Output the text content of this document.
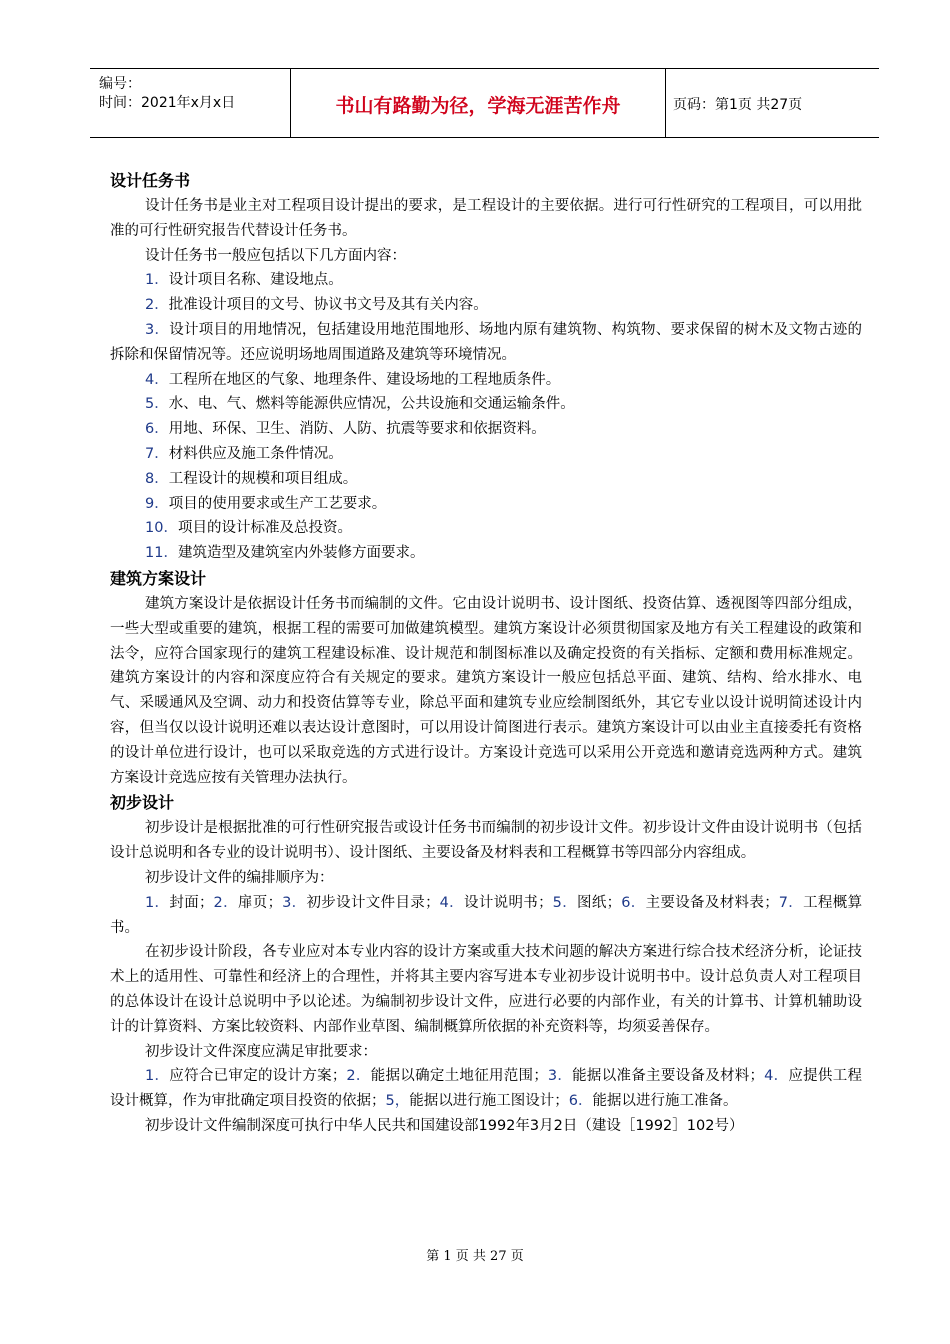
编号：
时间：2021年x月x日	书山有路勤为径，学海无涯苦作舟	页码：第1页 共27页
设计任务书

设计任务书是业主对工程项目设计提出的要求，是工程设计的主要依据。进行可行性研究的工程项目，可以用批准的可行性研究报告代替设计任务书。

设计任务书一般应包括以下几方面内容：

1．设计项目名称、建设地点。

2．批准设计项目的文号、协议书文号及其有关内容。

3．设计项目的用地情况，包括建设用地范围地形、场地内原有建筑物、构筑物、要求保留的树木及文物古迹的拆除和保留情况等。还应说明场地周围道路及建筑等环境情况。

4．工程所在地区的气象、地理条件、建设场地的工程地质条件。

5．水、电、气、燃料等能源供应情况，公共设施和交通运输条件。

6．用地、环保、卫生、消防、人防、抗震等要求和依据资料。

7．材料供应及施工条件情况。

8．工程设计的规模和项目组成。

9．项目的使用要求或生产工艺要求。

10．项目的设计标准及总投资。

11．建筑造型及建筑室内外装修方面要求。

建筑方案设计

建筑方案设计是依据设计任务书而编制的文件。它由设计说明书、设计图纸、投资估算、透视图等四部分组成，一些大型或重要的建筑，根据工程的需要可加做建筑模型。建筑方案设计必须贯彻国家及地方有关工程建设的政策和法令，应符合国家现行的建筑工程建设标准、设计规范和制图标准以及确定投资的有关指标、定额和费用标准规定。建筑方案设计的内容和深度应符合有关规定的要求。建筑方案设计一般应包括总平面、建筑、结构、给水排水、电气、采暖通风及空调、动力和投资估算等专业，除总平面和建筑专业应绘制图纸外，其它专业以设计说明简述设计内容，但当仅以设计说明还难以表达设计意图时，可以用设计简图进行表示。建筑方案设计可以由业主直接委托有资格的设计单位进行设计，也可以采取竞选的方式进行设计。方案设计竞选可以采用公开竞选和邀请竞选两种方式。建筑方案设计竞选应按有关管理办法执行。

初步设计

初步设计是根据批准的可行性研究报告或设计任务书而编制的初步设计文件。初步设计文件由设计说明书（包括设计总说明和各专业的设计说明书）、设计图纸、主要设备及材料表和工程概算书等四部分内容组成。

初步设计文件的编排顺序为：

1．封面；2．扉页；3．初步设计文件目录；4．设计说明书；5．图纸；6．主要设备及材料表；7．工程概算书。

在初步设计阶段，各专业应对本专业内容的设计方案或重大技术问题的解决方案进行综合技术经济分析，论证技术上的适用性、可靠性和经济上的合理性，并将其主要内容写进本专业初步设计说明书中。设计总负责人对工程项目的总体设计在设计总说明中予以论述。为编制初步设计文件，应进行必要的内部作业，有关的计算书、计算机辅助设计的计算资料、方案比较资料、内部作业草图、编制概算所依据的补充资料等，均须妥善保存。

初步设计文件深度应满足审批要求：

1．应符合已审定的设计方案；2．能据以确定土地征用范围；3．能据以准备主要设备及材料；4．应提供工程设计概算，作为审批确定项目投资的依据；5，能据以进行施工图设计；6．能据以进行施工准备。

初步设计文件编制深度可执行中华人民共和国建设部1992年3月2日（建设［1992］102号）

第 1 页 共 27 页
